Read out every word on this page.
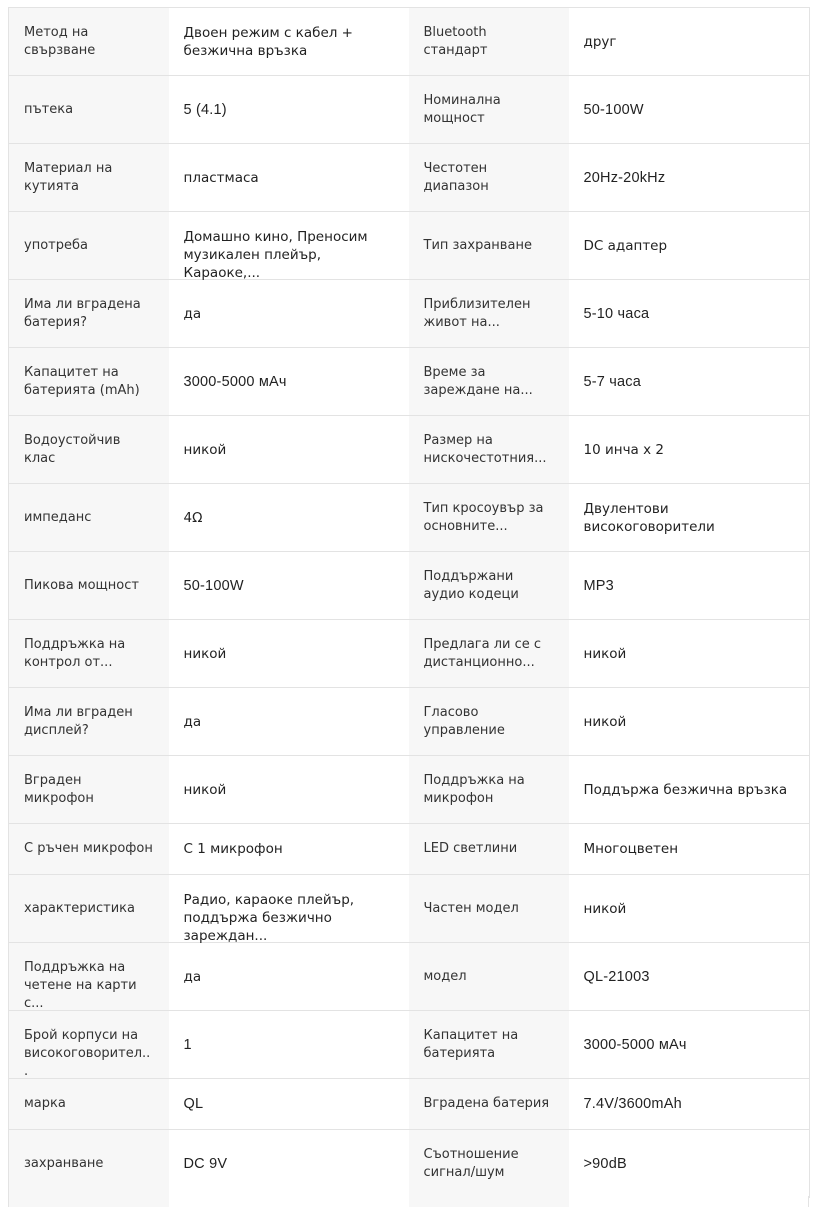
Метод на свързване	Двоен режим с кабел + безжична връзка	Bluetooth стандарт	друг

пътека	5 (4.1)	Номинална мощност	50-100W

Материал на кутията	пластмаса	Честотен диапазон	20Hz-20kHz

употреба	Домашно кино, Преносим музикален плейър, Караоке,...	Тип захранване	DC адаптер

Има ли вградена батерия?	да	Приблизителен живот на...	5-10 часа

Капацитет на батерията (mAh)	3000-5000 мАч	Време за зареждане на...	5-7 часа

Водоустойчив клас	никой	Размер на нискочестотния...	10 инча х 2

импеданс	4Ω	Тип кросоувър за основните...	Двулентови високоговорители

Пикова мощност	50-100W	Поддържани аудио кодеци	MP3

Поддръжка на контрол от...	никой	Предлага ли се с дистанционно...	никой

Има ли вграден дисплей?	да	Гласово управление	никой

Вграден микрофон	никой	Поддръжка на микрофон	Поддържа безжична връзка

С ръчен микрофон	С 1 микрофон	LED светлини	Многоцветен

характеристика	Радио, караоке плейър, поддържа безжично зареждан...	Частен модел	никой

Поддръжка на четене на карти с...	да	модел	QL-21003

Брой корпуси на високоговорител...	1	Капацитет на батерията	3000-5000 мАч

марка	QL	Вградена батерия	7.4V/3600mAh

захранване	DC 9V	Съотношение сигнал/шум	>90dB
